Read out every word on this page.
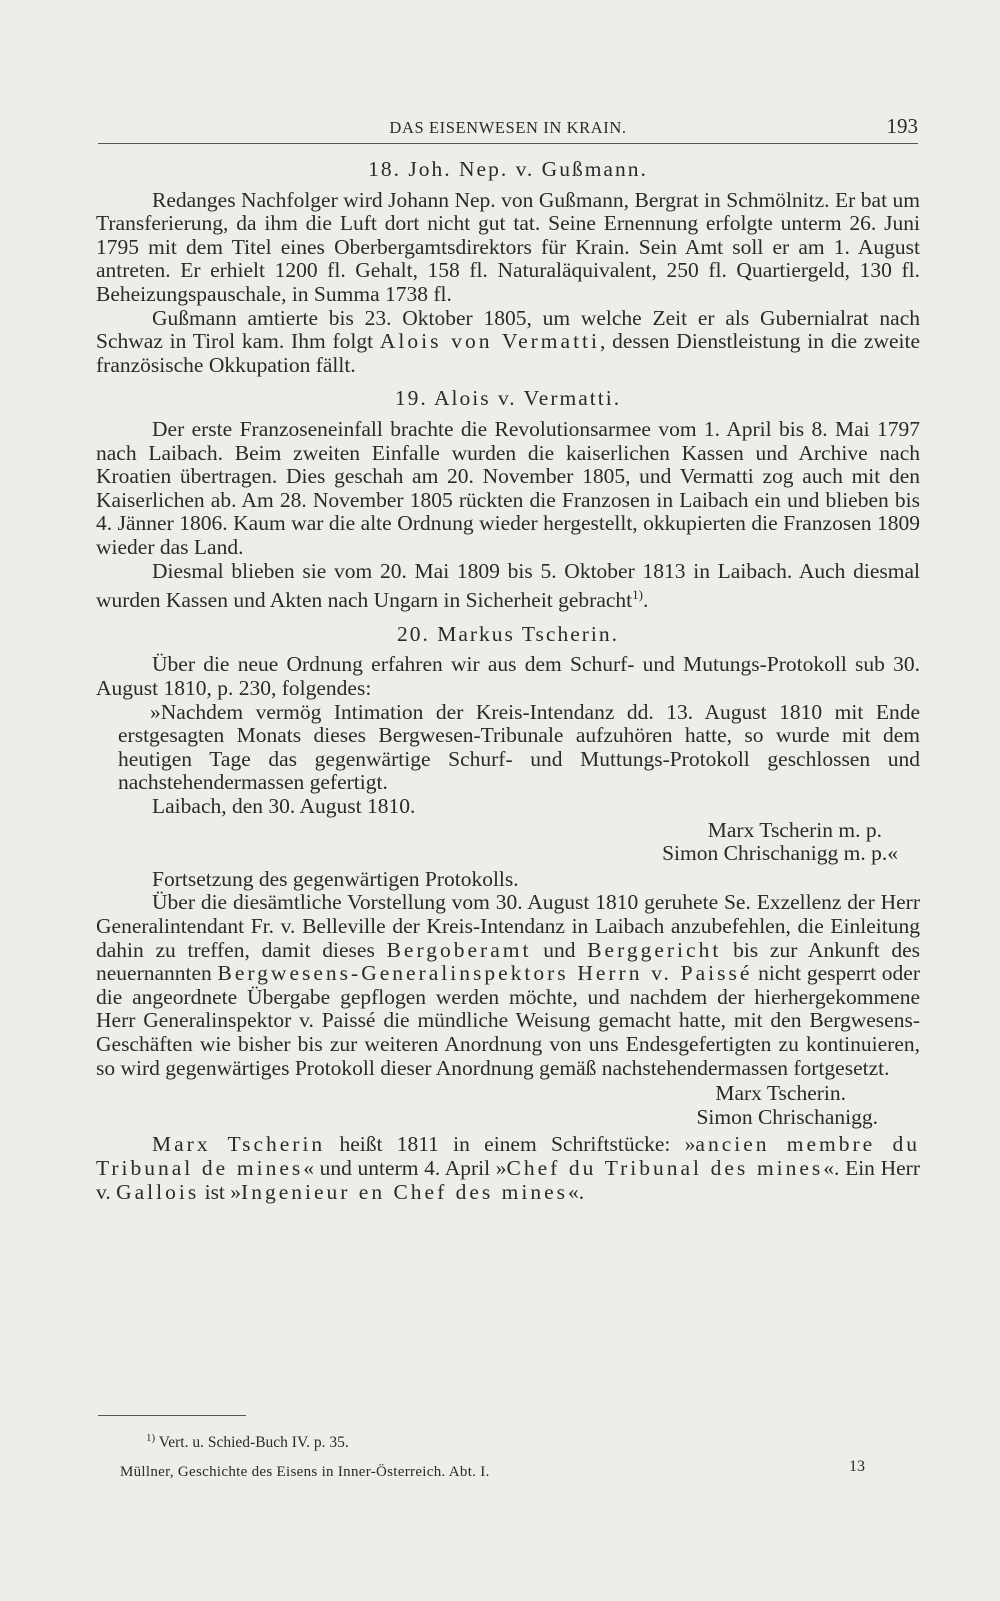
DAS EISENWESEN IN KRAIN.	193
18. Joh. Nep. v. Gußmann.

Redanges Nachfolger wird Johann Nep. von Gußmann, Bergrat in Schmölnitz. Er bat um Transferierung, da ihm die Luft dort nicht gut tat. Seine Ernennung erfolgte unterm 26. Juni 1795 mit dem Titel eines Oberbergamtsdirektors für Krain. Sein Amt soll er am 1. August antreten. Er erhielt 1200 fl. Gehalt, 158 fl. Naturaläquivalent, 250 fl. Quartiergeld, 130 fl. Beheizungspauschale, in Summa 1738 fl.

Gußmann amtierte bis 23. Oktober 1805, um welche Zeit er als Gubernialrat nach Schwaz in Tirol kam. Ihm folgt Alois von Vermatti, dessen Dienstleistung in die zweite französische Okkupation fällt.

19. Alois v. Vermatti.

Der erste Franzoseneinfall brachte die Revolutionsarmee vom 1. April bis 8. Mai 1797 nach Laibach. Beim zweiten Einfalle wurden die kaiserlichen Kassen und Archive nach Kroatien übertragen. Dies geschah am 20. November 1805, und Vermatti zog auch mit den Kaiserlichen ab. Am 28. November 1805 rückten die Franzosen in Laibach ein und blieben bis 4. Jänner 1806. Kaum war die alte Ordnung wieder hergestellt, okkupierten die Franzosen 1809 wieder das Land.

Diesmal blieben sie vom 20. Mai 1809 bis 5. Oktober 1813 in Laibach. Auch diesmal wurden Kassen und Akten nach Ungarn in Sicherheit gebracht$^{1)}$.

20. Markus Tscherin.

Über die neue Ordnung erfahren wir aus dem Schurf- und Mutungs-Protokoll sub 30. August 1810, p. 230, folgendes:

»Nachdem vermög Intimation der Kreis-Intendanz dd. 13. August 1810 mit Ende erstgesagten Monats dieses Bergwesen-Tribunale aufzuhören hatte, so wurde mit dem heutigen Tage das gegenwärtige Schurf- und Muttungs-Protokoll geschlossen und nachstehendermassen gefertigt.

Laibach, den 30. August 1810.

Marx Tscherin m. p.
Simon Chrischanigg m. p.«

Fortsetzung des gegenwärtigen Protokolls.

Über die diesämtliche Vorstellung vom 30. August 1810 geruhete Se. Exzellenz der Herr Generalintendant Fr. v. Belleville der Kreis-Intendanz in Laibach anzubefehlen, die Einleitung dahin zu treffen, damit dieses Bergoberamt und Berggericht bis zur Ankunft des neuernannten Bergwesens-Generalinspektors Herrn v. Paissé nicht gesperrt oder die angeordnete Übergabe gepflogen werden möchte, und nachdem der hierhergekommene Herr Generalinspektor v. Paissé die mündliche Weisung gemacht hatte, mit den Bergwesens-Geschäften wie bisher bis zur weiteren Anordnung von uns Endesgefertigten zu kontinuieren, so wird gegenwärtiges Protokoll dieser Anordnung gemäß nachstehendermassen fortgesetzt.

Marx Tscherin.
Simon Chrischanigg.

Marx Tscherin heißt 1811 in einem Schriftstücke: »ancien membre du Tribunal de mines« und unterm 4. April »Chef du Tribunal des mines«. Ein Herr v. Gallois ist »Ingenieur en Chef des mines«.

$^{1)}$ Vert. u. Schied-Buch IV. p. 35.
Müllner, Geschichte des Eisens in Inner-Österreich. Abt. I.	13
